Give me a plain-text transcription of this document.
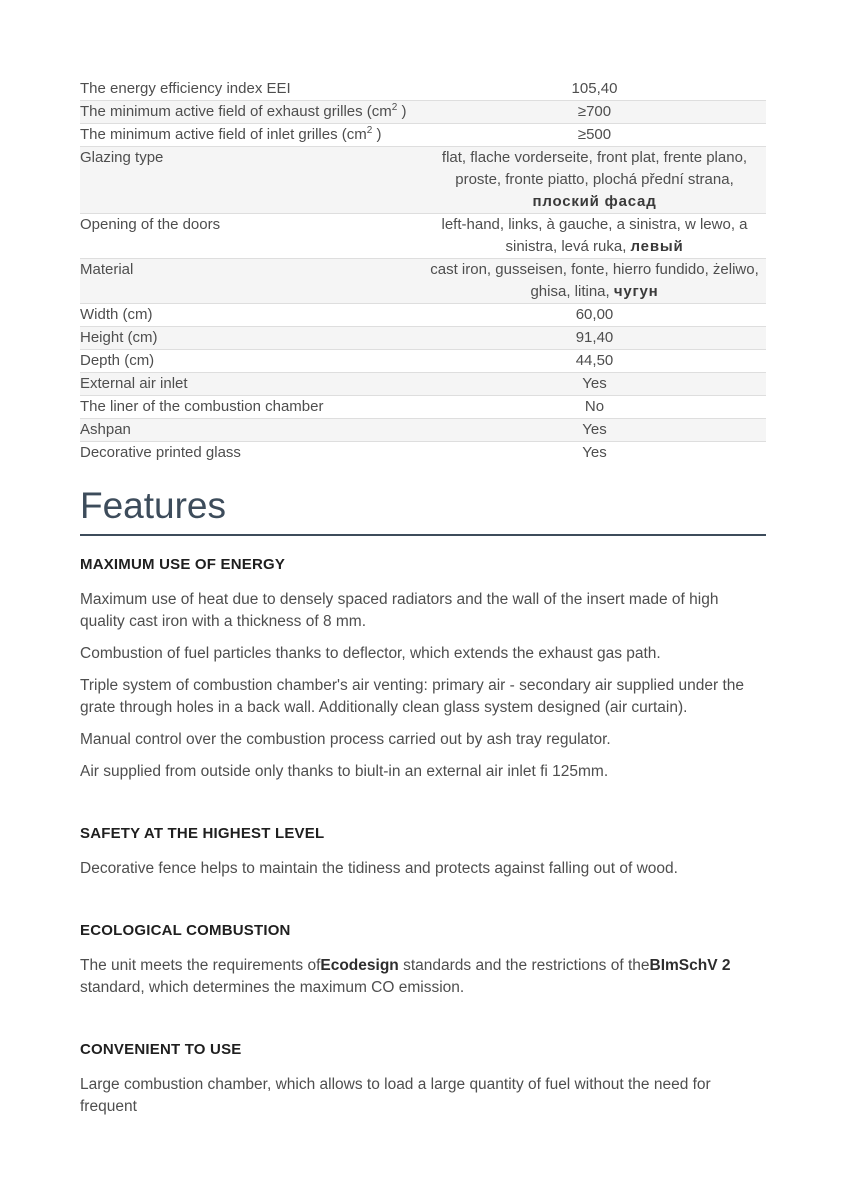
The energy efficiency index EEI	105,40
The minimum active field of exhaust grilles ($cm^2$ )	≥700
The minimum active field of inlet grilles ($cm^2$ )	≥500
Glazing type	flat, flache vorderseite, front plat, frente plano, proste, fronte piatto, plochá přední strana, плоский фасад
Opening of the doors	left-hand, links, à gauche, a sinistra, w lewo, a sinistra, levá ruka, левый
Material	cast iron, gusseisen, fonte, hierro fundido, żeliwo, ghisa, litina, чугун
Width (cm)	60,00
Height (cm)	91,40
Depth (cm)	44,50
External air inlet	Yes
The liner of the combustion chamber	No
Ashpan	Yes
Decorative printed glass	Yes
Features
MAXIMUM USE OF ENERGY

Maximum use of heat due to densely spaced radiators and the wall of the insert made of high quality cast iron with a thickness of 8 mm.

Combustion of fuel particles thanks to deflector, which extends the exhaust gas path.

Triple system of combustion chamber's air venting: primary air - secondary air supplied under the grate through holes in a back wall. Additionally clean glass system designed (air curtain).

Manual control over the combustion process carried out by ash tray regulator.

Air supplied from outside only thanks to biult-in an external air inlet fi 125mm.

SAFETY AT THE HIGHEST LEVEL

Decorative fence helps to maintain the tidiness and protects against falling out of wood.

ECOLOGICAL COMBUSTION

The unit meets the requirements ofEcodesign standards and the restrictions of theBImSchV 2 standard, which determines the maximum CO emission.

CONVENIENT TO USE

Large combustion chamber, which allows to load a large quantity of fuel without the need for frequent
